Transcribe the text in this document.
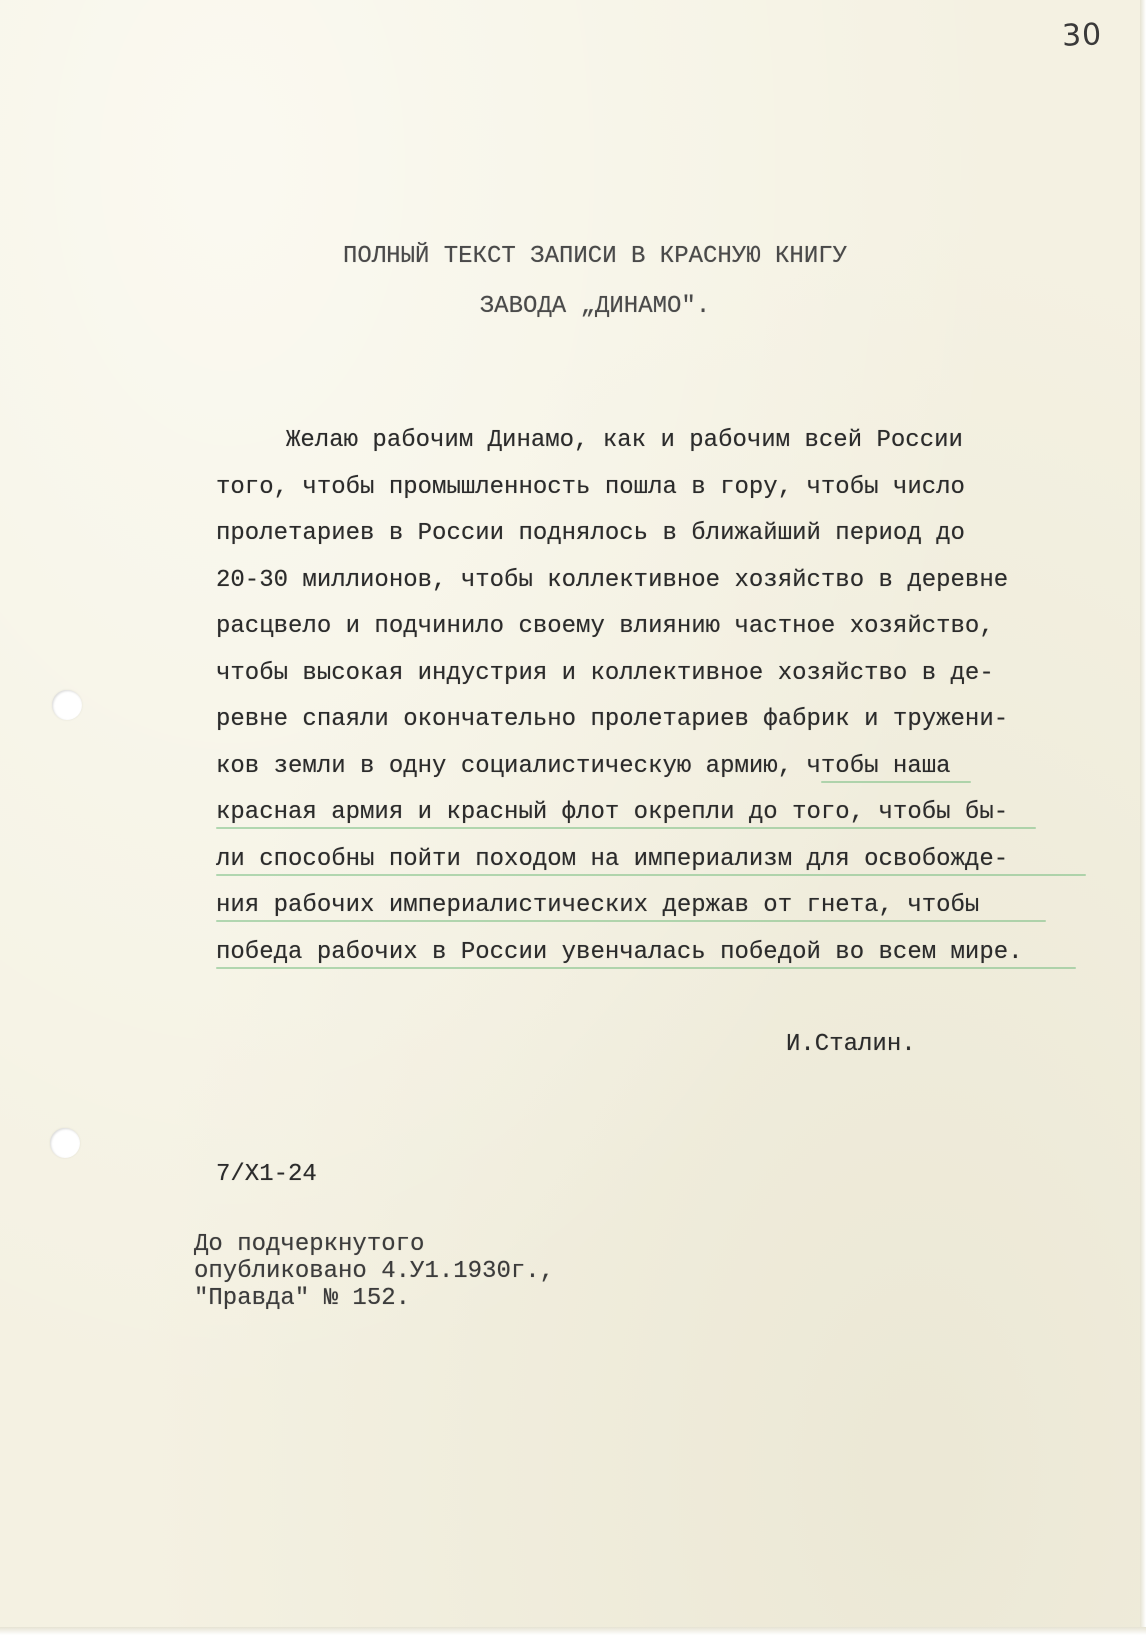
30
ПОЛНЫЙ ТЕКСТ ЗАПИСИ В КРАСНУЮ КНИГУ
ЗАВОДА „ДИНАМО".
Желаю рабочим Динамо, как и рабочим всей России
того, чтобы промышленность пошла в гору, чтобы число
пролетариев в России поднялось в ближайший период до
20-30 миллионов, чтобы коллективное хозяйство в деревне
расцвело и подчинило своему влиянию частное хозяйство,
чтобы высокая индустрия и коллективное хозяйство в де-
ревне спаяли окончательно пролетариев фабрик и тружени-
ков земли в одну социалистическую армию, чтобы наша
красная армия и красный флот окрепли до того, чтобы бы-
ли способны пойти походом на империализм для освобожде-
ния рабочих империалистических держав от гнета, чтобы
победа рабочих в России увенчалась победой во всем мире.
И.Сталин.
7/X1-24
До подчеркнутого
опубликовано 4.У1.1930г.,
"Правда" № 152.
